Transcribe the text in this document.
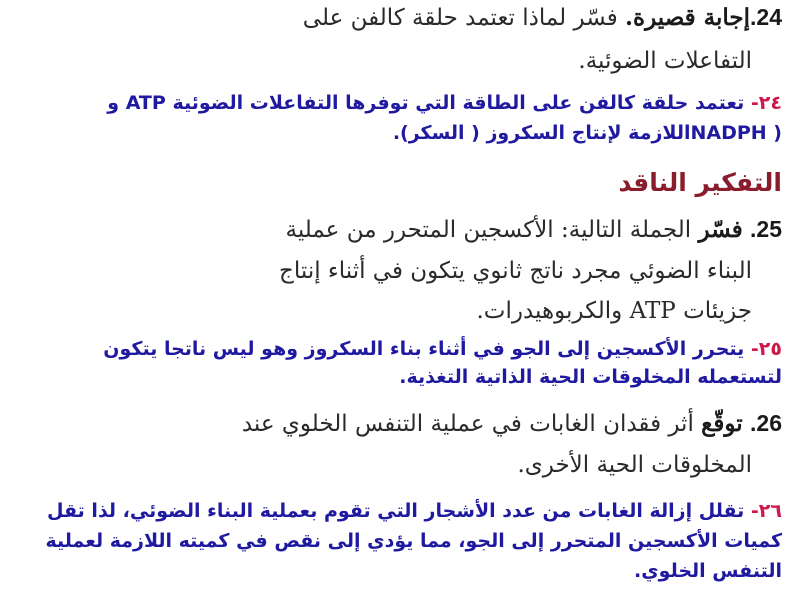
24.إجابة قصيرة. فسّر لماذا تعتمد حلقة كالفن على
التفاعلات الضوئية.
٢٤- تعتمد حلقة كالفن على الطاقة التي توفرها التفاعلات الضوئية ATP و
( NADPHاللازمة لإنتاج السكروز ( السكر).
التفكير الناقد
25. فسّر الجملة التالية: الأكسجين المتحرر من عملية
البناء الضوئي مجرد ناتج ثانوي يتكون في أثناء إنتاج
جزيئات ATP والكربوهيدرات.
٢٥- يتحرر الأكسجين إلى الجو في أثناء بناء السكروز وهو ليس ناتجا يتكون
لتستعمله المخلوقات الحية الذاتية التغذية.
26. توقّع أثر فقدان الغابات في عملية التنفس الخلوي عند
المخلوقات الحية الأخرى.
٢٦- تقلل إزالة الغابات من عدد الأشجار التي تقوم بعملية البناء الضوئي، لذا تقل
كميات الأكسجين المتحرر إلى الجو، مما يؤدي إلى نقص في كميته اللازمة لعملية
التنفس الخلوي.
